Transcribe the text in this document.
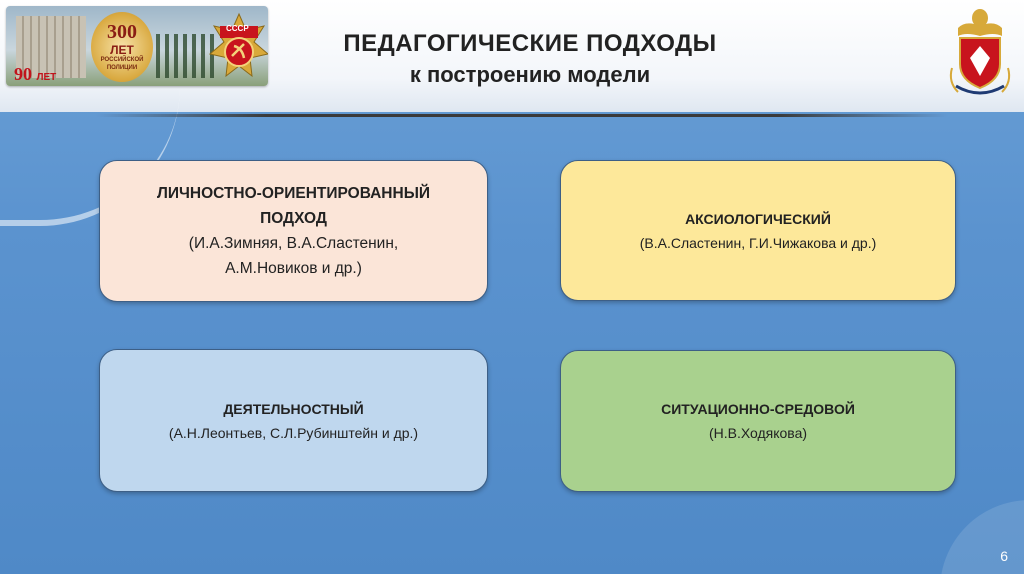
300
ЛЕТ
РОССИЙСКОЙ ПОЛИЦИИ
90 ЛЕТ
СССР
ПЕДАГОГИЧЕСКИЕ ПОДХОДЫ
к построению модели
ЛИЧНОСТНО-ОРИЕНТИРОВАННЫЙ ПОДХОД
(И.А.Зимняя, В.А.Сластенин,
А.М.Новиков и др.)
АКСИОЛОГИЧЕСКИЙ
(В.А.Сластенин, Г.И.Чижакова и др.)
ДЕЯТЕЛЬНОСТНЫЙ
(А.Н.Леонтьев, С.Л.Рубинштейн и др.)
СИТУАЦИОННО-СРЕДОВОЙ
(Н.В.Ходякова)
6
